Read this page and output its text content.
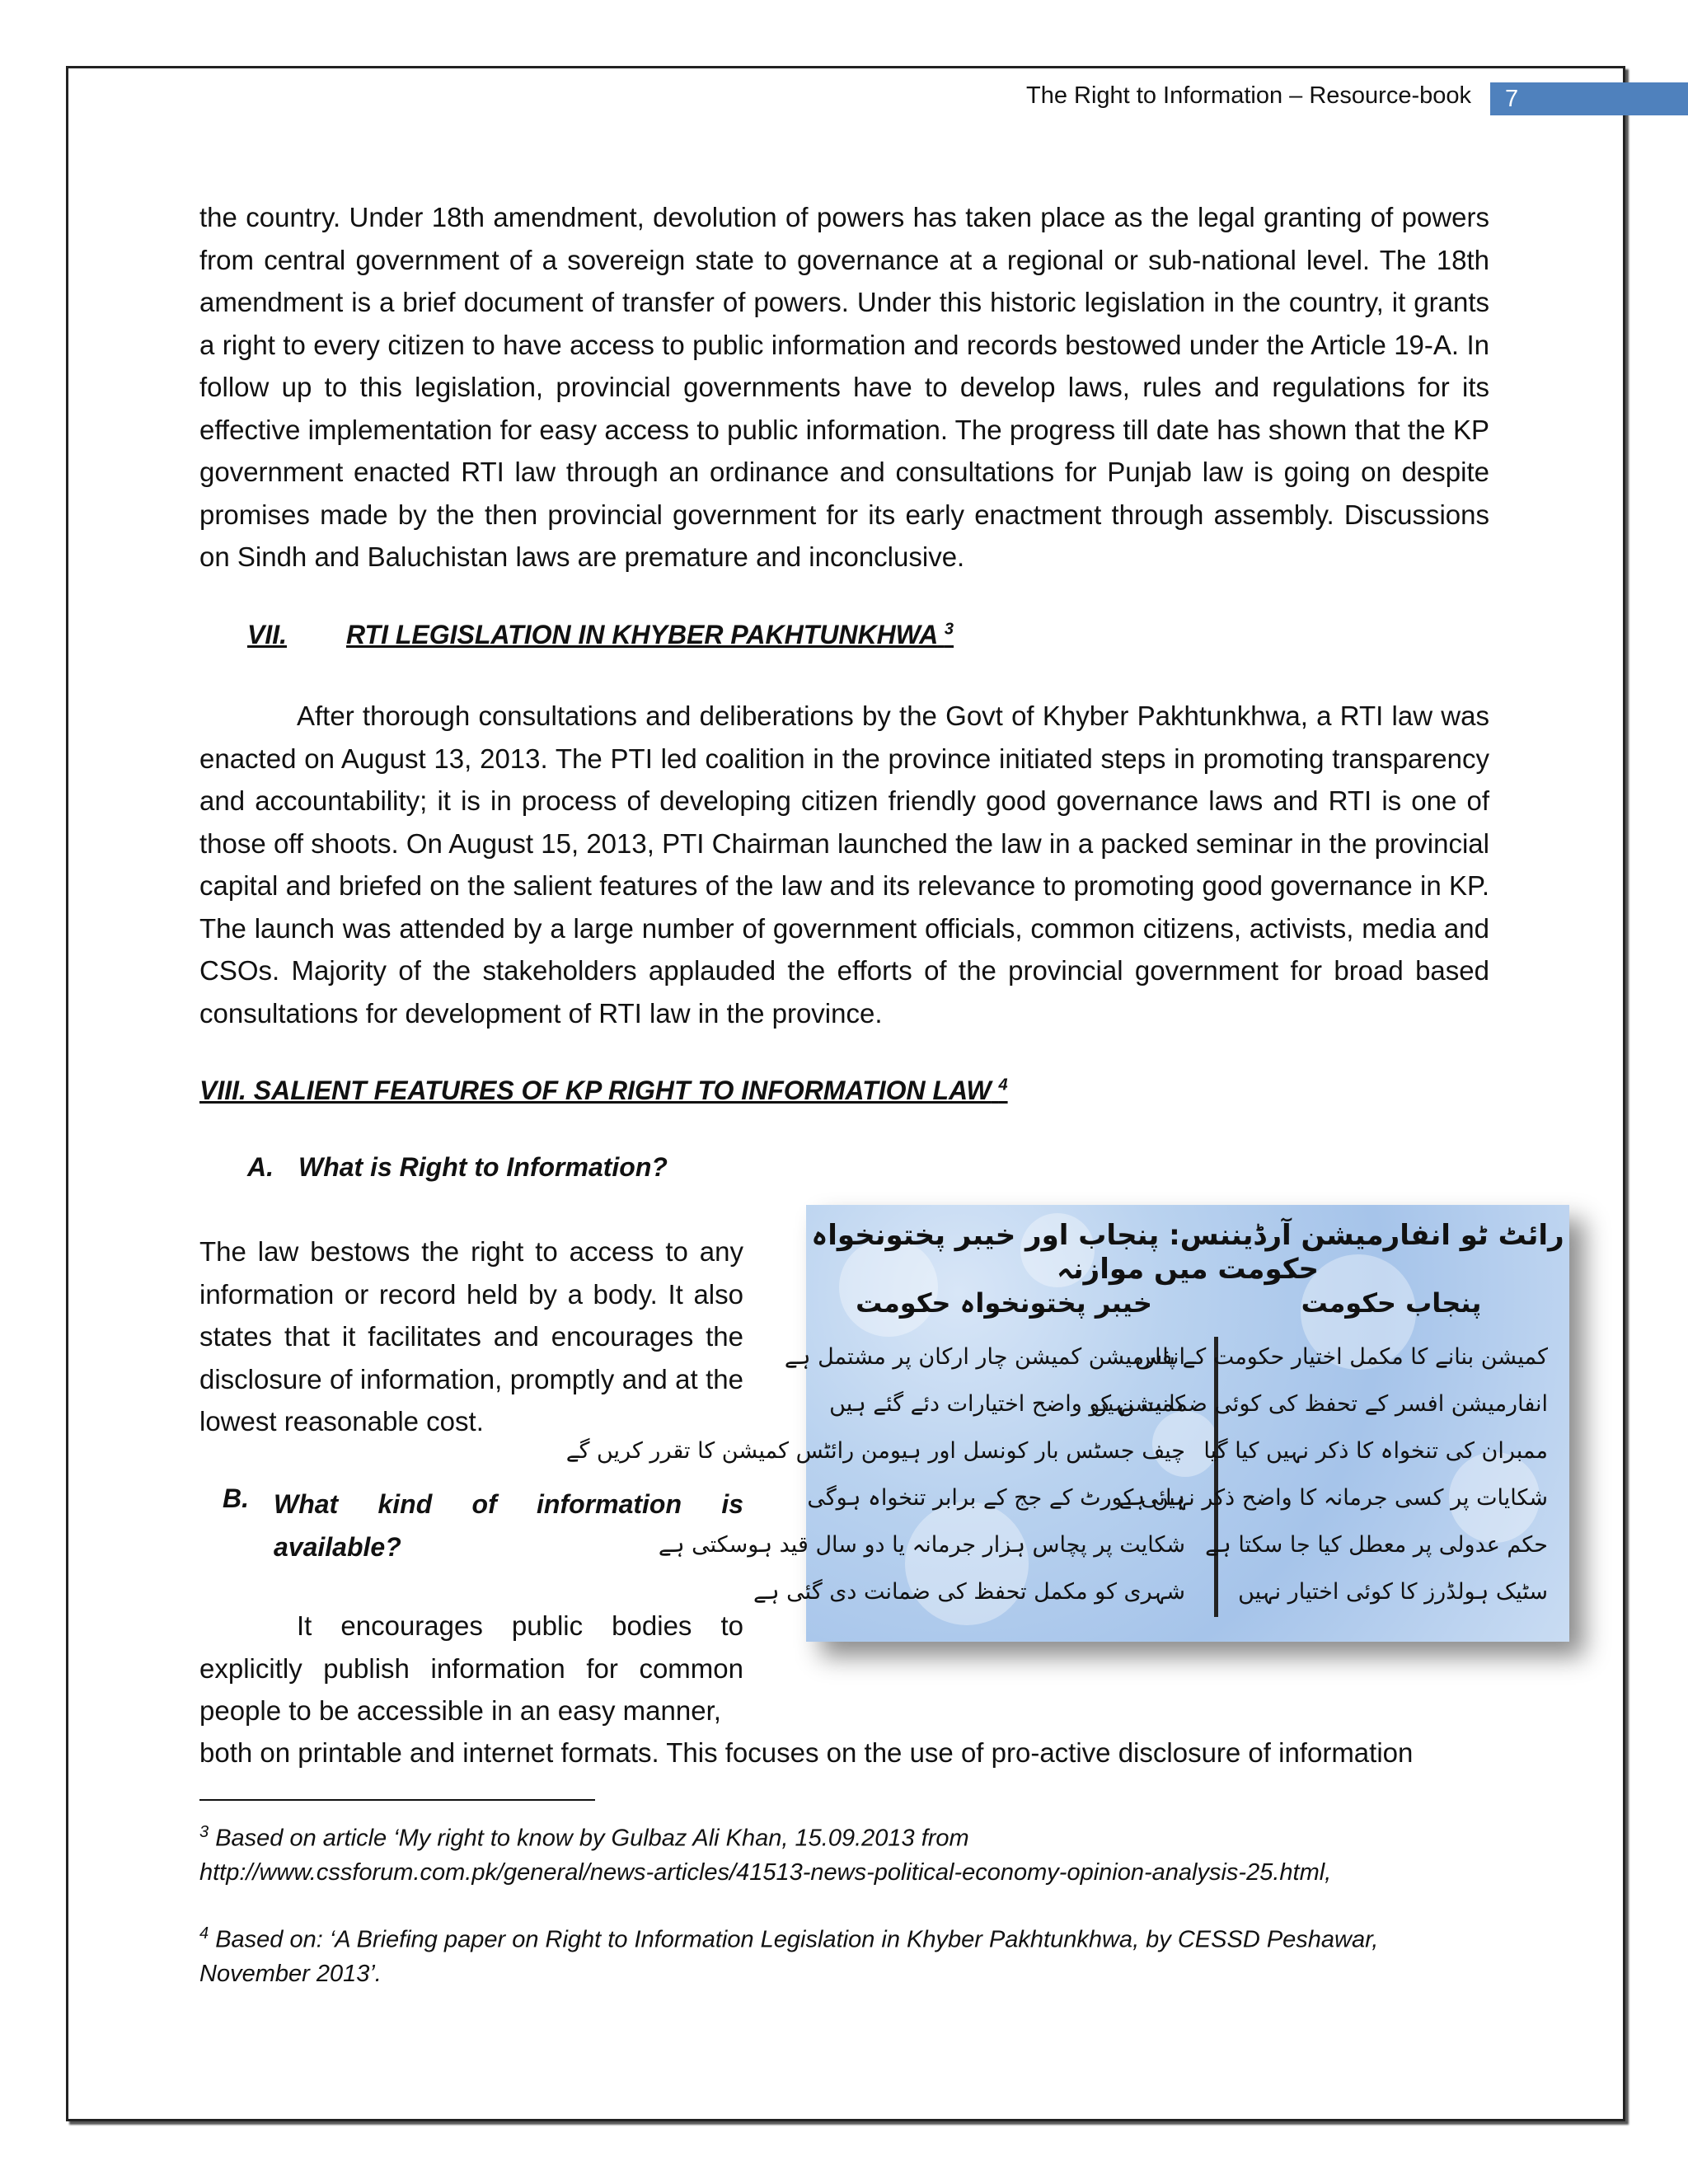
The Right to Information – Resource-book	7

the country. Under 18th amendment, devolution of powers has taken place as the legal granting of powers from central government of a sovereign state to governance at a regional or sub-national level. The 18th amendment is a brief document of transfer of powers. Under this historic legislation in the country, it grants a right to every citizen to have access to public information and records bestowed under the Article 19-A. In follow up to this legislation, provincial governments have to develop laws, rules and regulations for its effective implementation for easy access to public information. The progress till date has shown that the KP government enacted RTI law through an ordinance and consultations for Punjab law is going on despite promises made by the then provincial government for its early enactment through assembly. Discussions on Sindh and Baluchistan laws are premature and inconclusive.

VII. RTI LEGISLATION IN KHYBER PAKHTUNKHWA $^3$

After thorough consultations and deliberations by the Govt of Khyber Pakhtunkhwa, a RTI law was enacted on August 13, 2013. The PTI led coalition in the province initiated steps in promoting transparency and accountability; it is in process of developing citizen friendly good governance laws and RTI is one of those off shoots. On August 15, 2013, PTI Chairman launched the law in a packed seminar in the provincial capital and briefed on the salient features of the law and its relevance to promoting good governance in KP. The launch was attended by a large number of government officials, common citizens, activists, media and CSOs. Majority of the stakeholders applauded the efforts of the provincial government for broad based consultations for development of RTI law in the province.

VIII. SALIENT FEATURES OF KP RIGHT TO INFORMATION LAW $^4$
A. What is Right to Information?

The law bestows the right to access to any information or record held by a body. It also states that it facilitates and encourages the disclosure of information, promptly and at the lowest reasonable cost.

B. What kind of information is available?

It encourages public bodies to explicitly publish information for common people to be accessible in an easy manner,

both on printable and internet formats. This focuses on the use of pro-active disclosure of information

رائٹ ٹو انفارمیشن آرڈیننس: پنجاب اور خیبر پختونخواہ حکومت میں موازنہ
خیبر پختونخواہ حکومت
انفارمیشن کمیشن چار ارکان پر مشتمل ہے
کمیشن کو واضح اختیارات دئے گئے ہیں
چیف جسٹس بار کونسل اور ہیومن رائٹس کمیشن کا تقرر کریں گے
ہائی کورٹ کے جج کے برابر تنخواہ ہوگی
شکایت پر پچاس ہزار جرمانہ یا دو سال قید ہوسکتی ہے
شہری کو مکمل تحفظ کی ضمانت دی گئی ہے
پنجاب حکومت
کمیشن بنانے کا مکمل اختیار حکومت کے پاس
انفارمیشن افسر کے تحفظ کی کوئی ضمانت نہیں
ممبران کی تنخواہ کا ذکر نہیں کیا گیا
شکایات پر کسی جرمانہ کا واضح ذکر نہیں ہے
حکم عدولی پر معطل کیا جا سکتا ہے
سٹیک ہولڈرز کا کوئی اختیار نہیں

$^3$ Based on article ‘My right to know by Gulbaz Ali Khan, 15.09.2013 from

http://www.cssforum.com.pk/general/news-articles/41513-news-political-economy-opinion-analysis-25.html,

$^4$ Based on: ‘A Briefing paper on Right to Information Legislation in Khyber Pakhtunkhwa, by CESSD Peshawar,

November 2013’.
